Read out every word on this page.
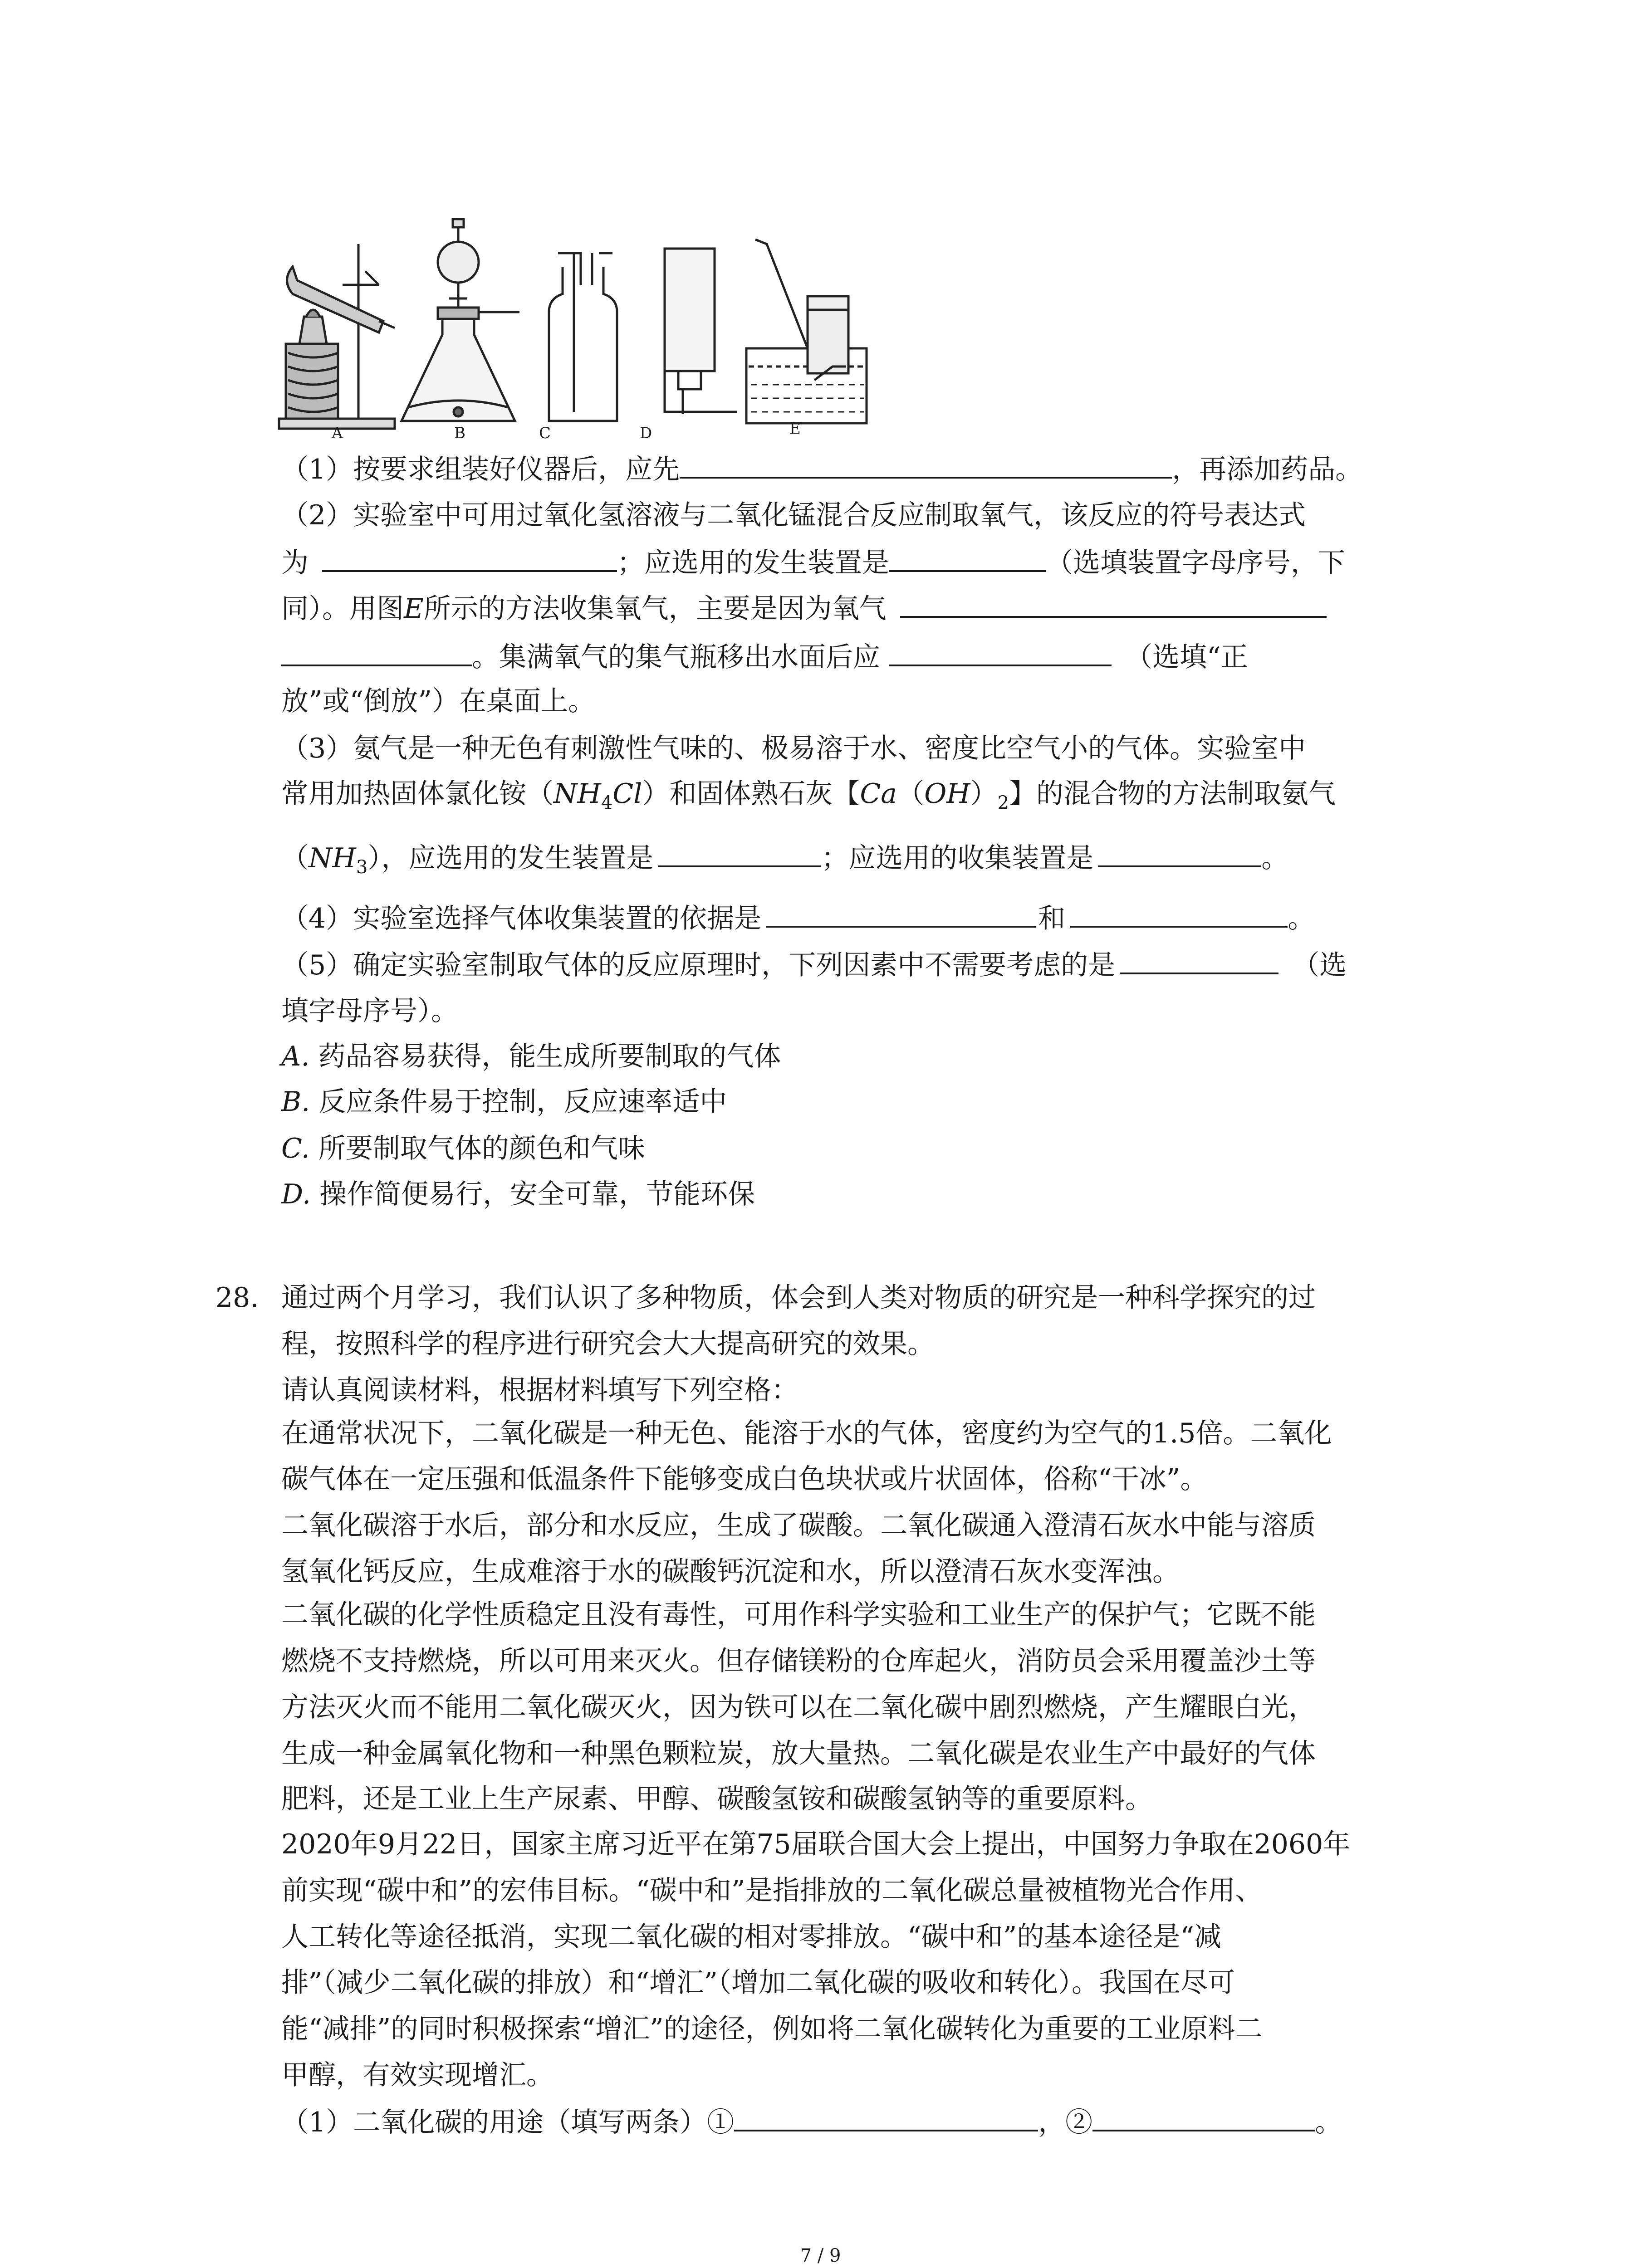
A	B	C	D	E
（1）按要求组装好仪器后，应先	，再添加药品。
（2）实验室中可用过氧化氢溶液与二氧化锰混合反应制取氧气，该反应的符号表达式
为	；应选用的发生装置是	（选填装置字母序号，下
同）。用图E所示的方法收集氧气，主要是因为氧气
。集满氧气的集气瓶移出水面后应	（选填“正
放”或“倒放”）在桌面上。
（3）氨气是一种无色有刺激性气味的、极易溶于水、密度比空气小的气体。实验室中
常用加热固体氯化铵$(NH_4Cl)$和固体熟石灰【$Ca(OH)_2$】的混合物的方法制取氨气
$(NH_3)$，应选用的发生装置是	；应选用的收集装置是	。
（4）实验室选择气体收集装置的依据是	和	。
（5）确定实验室制取气体的反应原理时，下列因素中不需要考虑的是	（选
填字母序号）。
A. 药品容易获得，能生成所要制取的气体
B. 反应条件易于控制，反应速率适中
C. 所要制取气体的颜色和气味
D. 操作简便易行，安全可靠，节能环保
28. 通过两个月学习，我们认识了多种物质，体会到人类对物质的研究是一种科学探究的过
程，按照科学的程序进行研究会大大提高研究的效果。
请认真阅读材料，根据材料填写下列空格：
在通常状况下，二氧化碳是一种无色、能溶于水的气体，密度约为空气的1.5倍。二氧化
碳气体在一定压强和低温条件下能够变成白色块状或片状固体，俗称“干冰”。
二氧化碳溶于水后，部分和水反应，生成了碳酸。二氧化碳通入澄清石灰水中能与溶质
氢氧化钙反应，生成难溶于水的碳酸钙沉淀和水，所以澄清石灰水变浑浊。
二氧化碳的化学性质稳定且没有毒性，可用作科学实验和工业生产的保护气；它既不能
燃烧不支持燃烧，所以可用来灭火。但存储镁粉的仓库起火，消防员会采用覆盖沙土等
方法灭火而不能用二氧化碳灭火，因为铁可以在二氧化碳中剧烈燃烧，产生耀眼白光，
生成一种金属氧化物和一种黑色颗粒炭，放大量热。二氧化碳是农业生产中最好的气体
肥料，还是工业上生产尿素、甲醇、碳酸氢铵和碳酸氢钠等的重要原料。
2020年9月22日，国家主席习近平在第75届联合国大会上提出，中国努力争取在2060年
前实现“碳中和”的宏伟目标。“碳中和”是指排放的二氧化碳总量被植物光合作用、
人工转化等途径抵消，实现二氧化碳的相对零排放。“碳中和”的基本途径是“减
排”（减少二氧化碳的排放）和“增汇”（增加二氧化碳的吸收和转化）。我国在尽可
能“减排”的同时积极探索“增汇”的途径，例如将二氧化碳转化为重要的工业原料二
甲醇，有效实现增汇。
（1）二氧化碳的用途（填写两条）①	，②	。
7 / 9
